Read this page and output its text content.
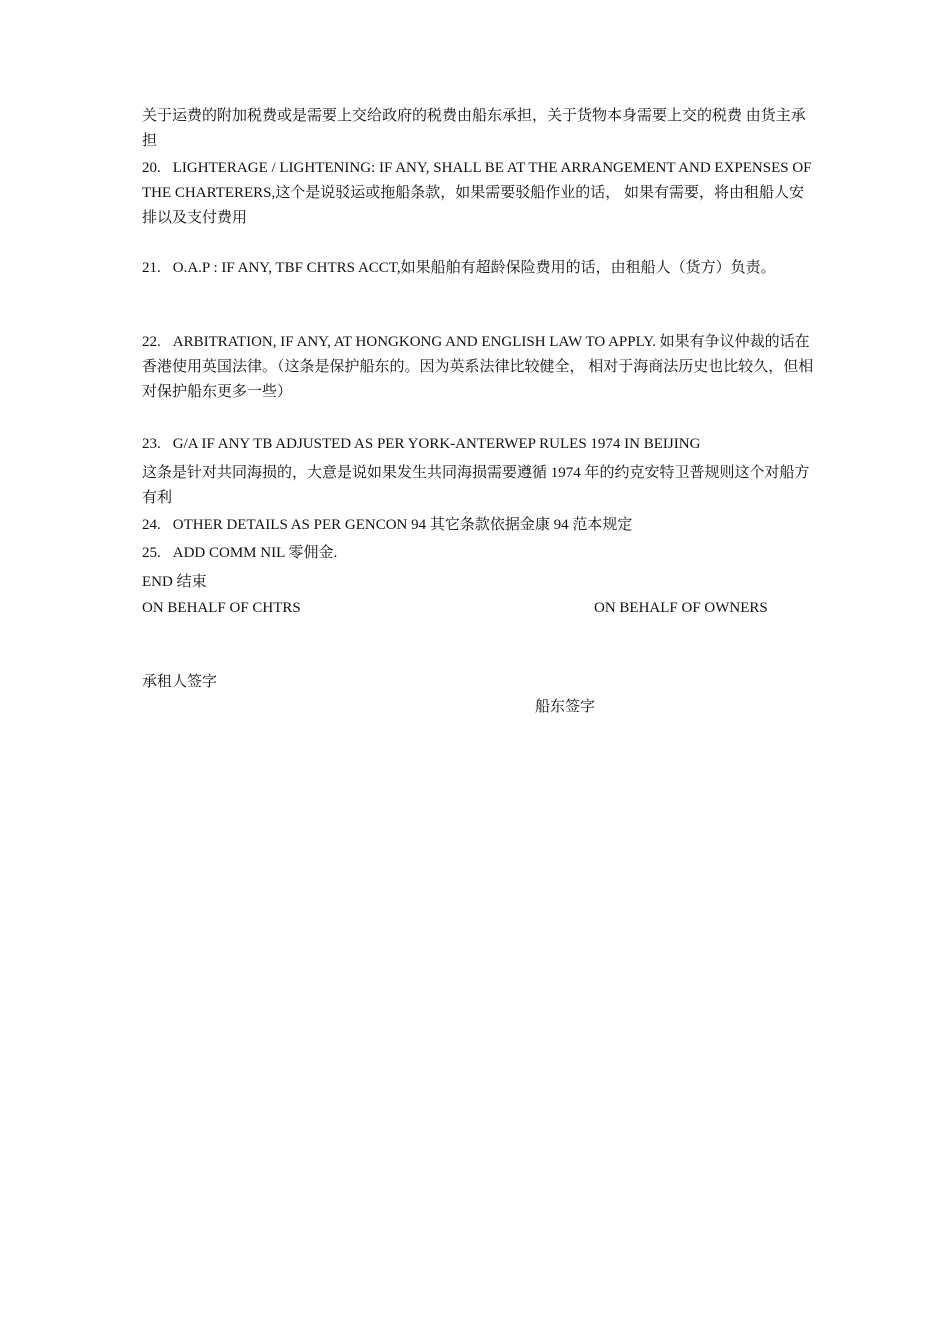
关于运费的附加税费或是需要上交给政府的税费由船东承担，关于货物本身需要上交的税费 由货主承担

20. LIGHTERAGE / LIGHTENING: IF ANY, SHALL BE AT THE ARRANGEMENT AND EXPENSES OF THE CHARTERERS,这个是说驳运或拖船条款，如果需要驳船作业的话， 如果有需要，将由租船人安排以及支付费用

21. O.A.P : IF ANY, TBF CHTRS ACCT,如果船舶有超龄保险费用的话，由租船人（货方）负责。

22. ARBITRATION, IF ANY, AT HONGKONG AND ENGLISH LAW TO APPLY. 如果有争议仲裁的话在香港使用英国法律。（这条是保护船东的。因为英系法律比较健全， 相对于海商法历史也比较久，但相对保护船东更多一些）

23. G/A IF ANY TB ADJUSTED AS PER YORK-ANTERWEP RULES 1974 IN BEIJING

这条是针对共同海损的，大意是说如果发生共同海损需要遵循 1974 年的约克安特卫普规则这个对船方有利

24. OTHER DETAILS AS PER GENCON 94 其它条款依据金康 94 范本规定

25. ADD COMM NIL 零佣金.

END 结束

ON BEHALF OF CHTRS	ON BEHALF OF OWNERS
承租人签字
船东签字
